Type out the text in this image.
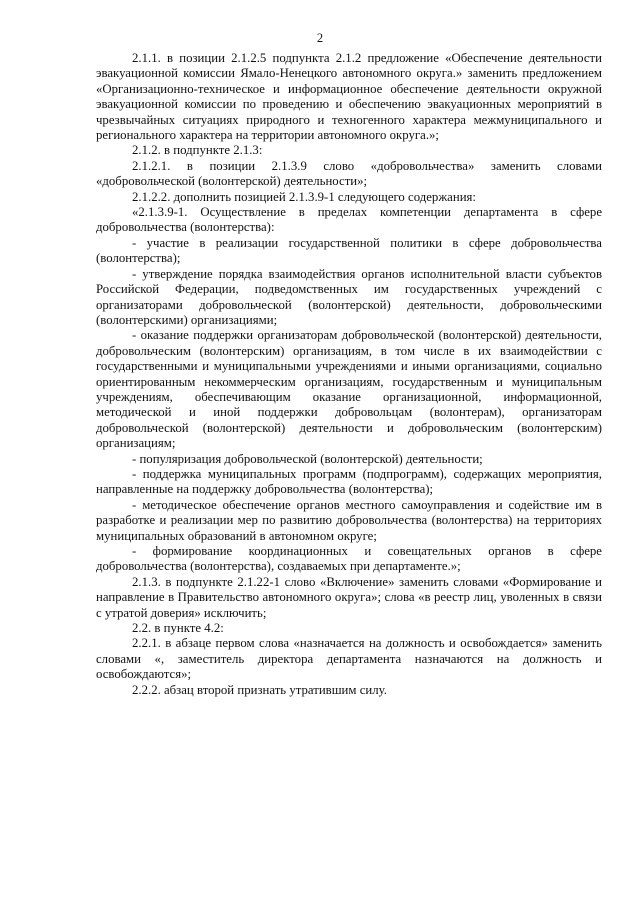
2

2.1.1. в позиции 2.1.2.5 подпункта 2.1.2 предложение «Обеспечение деятельности эвакуационной комиссии Ямало-Ненецкого автономного округа.» заменить предложением «Организационно-техническое и информационное обеспечение деятельности окружной эвакуационной комиссии по проведению и обеспечению эвакуационных мероприятий в чрезвычайных ситуациях природного и техногенного характера межмуниципального и регионального характера на территории автономного округа.»;

2.1.2. в подпункте 2.1.3:

2.1.2.1. в позиции 2.1.3.9 слово «добровольчества» заменить словами «добровольческой (волонтерской) деятельности»;

2.1.2.2. дополнить позицией 2.1.3.9-1 следующего содержания:

«2.1.3.9-1. Осуществление в пределах компетенции департамента в сфере добровольчества (волонтерства):

- участие в реализации государственной политики в сфере добровольчества (волонтерства);

- утверждение порядка взаимодействия органов исполнительной власти субъектов Российской Федерации, подведомственных им государственных учреждений с организаторами добровольческой (волонтерской) деятельности, добровольческими (волонтерскими) организациями;

- оказание поддержки организаторам добровольческой (волонтерской) деятельности, добровольческим (волонтерским) организациям, в том числе в их взаимодействии с государственными и муниципальными учреждениями и иными организациями, социально ориентированным некоммерческим организациям, государственным и муниципальным учреждениям, обеспечивающим оказание организационной, информационной, методической и иной поддержки добровольцам (волонтерам), организаторам добровольческой (волонтерской) деятельности и добровольческим (волонтерским) организациям;

- популяризация добровольческой (волонтерской) деятельности;

- поддержка муниципальных программ (подпрограмм), содержащих мероприятия, направленные на поддержку добровольчества (волонтерства);

- методическое обеспечение органов местного самоуправления и содействие им в разработке и реализации мер по развитию добровольчества (волонтерства) на территориях муниципальных образований в автономном округе;

- формирование координационных и совещательных органов в сфере добровольчества (волонтерства), создаваемых при департаменте.»;

2.1.3. в подпункте 2.1.22-1 слово «Включение» заменить словами «Формирование и направление в Правительство автономного округа»; слова «в реестр лиц, уволенных в связи с утратой доверия» исключить;

2.2. в пункте 4.2:

2.2.1. в абзаце первом слова «назначается на должность и освобождается» заменить словами «, заместитель директора департамента назначаются на должность и освобождаются»;

2.2.2. абзац второй признать утратившим силу.
